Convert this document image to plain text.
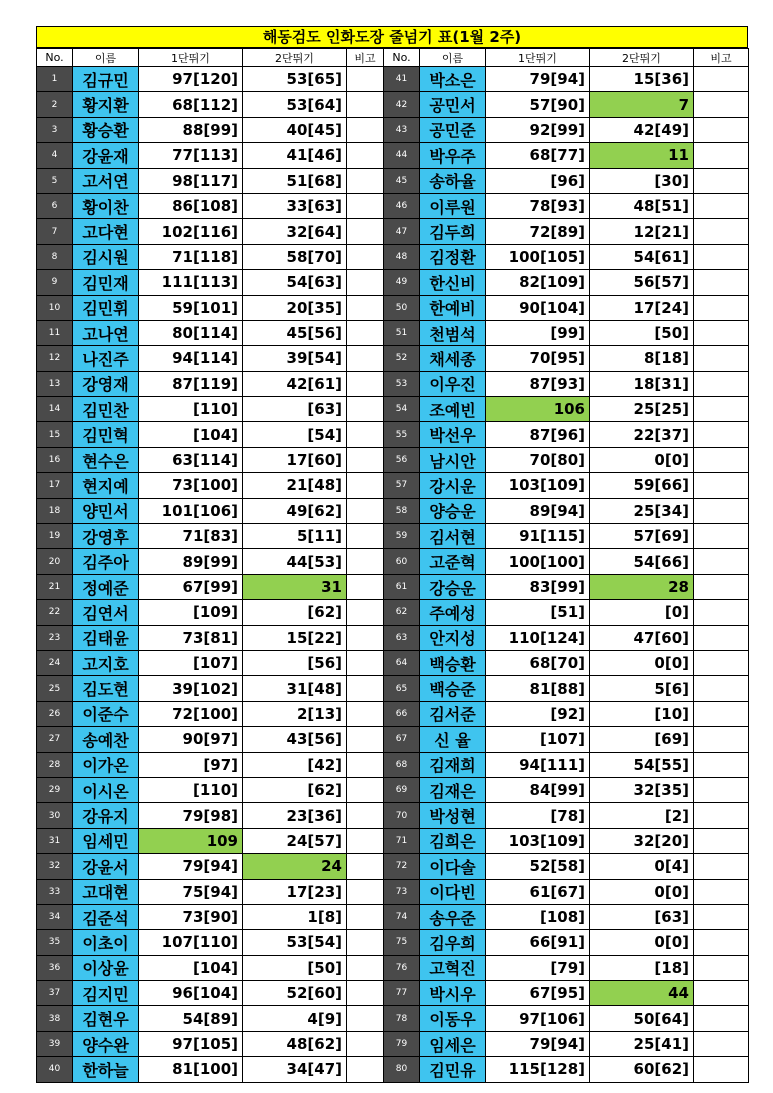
해동검도 인화도장 줄넘기 표(1월 2주)
No.	이름	1단뛰기	2단뛰기	비고	No.	이름	1단뛰기	2단뛰기	비고
1	김규민	97[120]	53[65]		41	박소은	79[94]	15[36]	
2	황지환	68[112]	53[64]		42	공민서	57[90]	7	
3	황승환	88[99]	40[45]		43	공민준	92[99]	42[49]	
4	강윤재	77[113]	41[46]		44	박우주	68[77]	11	
5	고서연	98[117]	51[68]		45	송하율	[96]	[30]	
6	황이찬	86[108]	33[63]		46	이루원	78[93]	48[51]	
7	고다현	102[116]	32[64]		47	김두희	72[89]	12[21]	
8	김시원	71[118]	58[70]		48	김정환	100[105]	54[61]	
9	김민재	111[113]	54[63]		49	한신비	82[109]	56[57]	
10	김민휘	59[101]	20[35]		50	한예비	90[104]	17[24]	
11	고나연	80[114]	45[56]		51	천범석	[99]	[50]	
12	나진주	94[114]	39[54]		52	채세종	70[95]	8[18]	
13	강영재	87[119]	42[61]		53	이우진	87[93]	18[31]	
14	김민찬	[110]	[63]		54	조예빈	106	25[25]	
15	김민혁	[104]	[54]		55	박선우	87[96]	22[37]	
16	현수은	63[114]	17[60]		56	남시안	70[80]	0[0]	
17	현지예	73[100]	21[48]		57	강시운	103[109]	59[66]	
18	양민서	101[106]	49[62]		58	양승운	89[94]	25[34]	
19	강영후	71[83]	5[11]		59	김서현	91[115]	57[69]	
20	김주아	89[99]	44[53]		60	고준혁	100[100]	54[66]	
21	정예준	67[99]	31		61	강승운	83[99]	28	
22	김연서	[109]	[62]		62	주예성	[51]	[0]	
23	김태윤	73[81]	15[22]		63	안지성	110[124]	47[60]	
24	고지호	[107]	[56]		64	백승환	68[70]	0[0]	
25	김도현	39[102]	31[48]		65	백승준	81[88]	5[6]	
26	이준수	72[100]	2[13]		66	김서준	[92]	[10]	
27	송예찬	90[97]	43[56]		67	신 율	[107]	[69]	
28	이가온	[97]	[42]		68	김재희	94[111]	54[55]	
29	이시온	[110]	[62]		69	김재은	84[99]	32[35]	
30	강유지	79[98]	23[36]		70	박성현	[78]	[2]	
31	임세민	109	24[57]		71	김희은	103[109]	32[20]	
32	강윤서	79[94]	24		72	이다솔	52[58]	0[4]	
33	고대현	75[94]	17[23]		73	이다빈	61[67]	0[0]	
34	김준석	73[90]	1[8]		74	송우준	[108]	[63]	
35	이초이	107[110]	53[54]		75	김우희	66[91]	0[0]	
36	이상윤	[104]	[50]		76	고혁진	[79]	[18]	
37	김지민	96[104]	52[60]		77	박시우	67[95]	44	
38	김현우	54[89]	4[9]		78	이동우	97[106]	50[64]	
39	양수완	97[105]	48[62]		79	임세은	79[94]	25[41]	
40	한하늘	81[100]	34[47]		80	김민유	115[128]	60[62]	
